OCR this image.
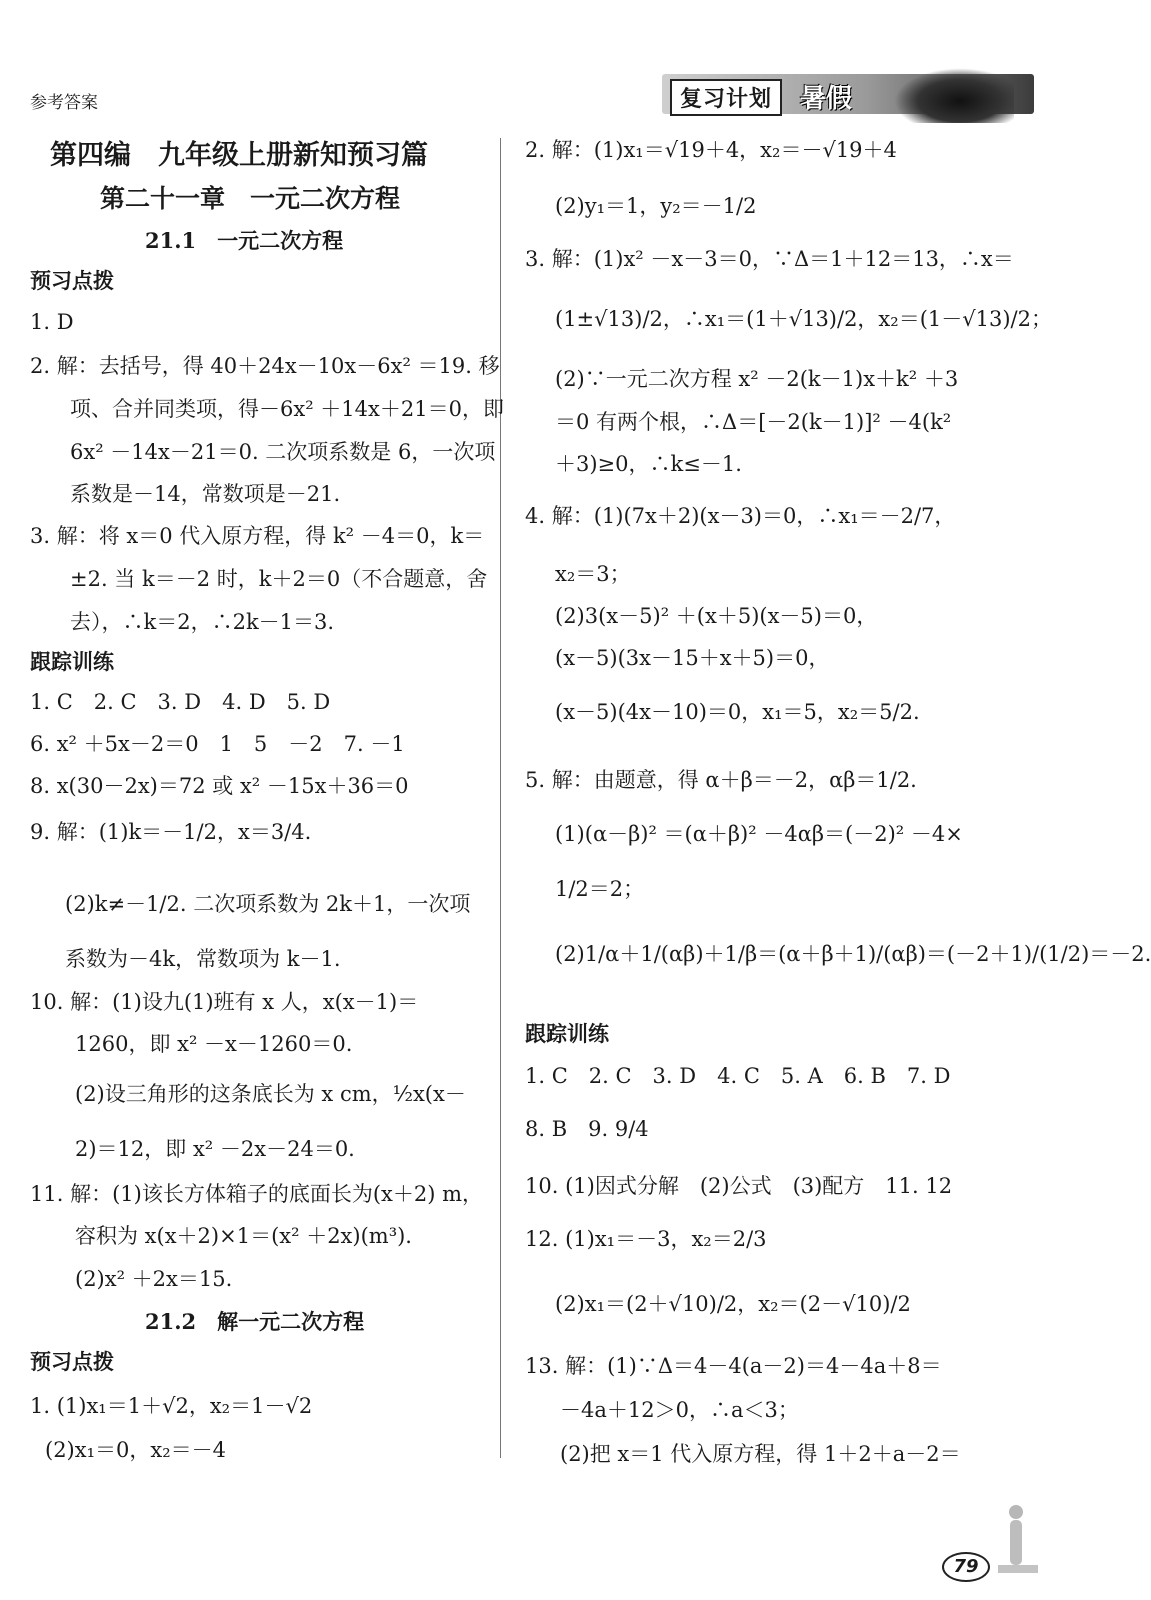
参考答案	复习计划	暑假
第四编　九年级上册新知预习篇
第二十一章　一元二次方程
21.1　一元二次方程
预习点拨
1. D
2. 解：去括号，得 40＋24x－10x－6x² ＝19. 移
项、合并同类项，得－6x² ＋14x＋21＝0，即
6x² －14x－21＝0. 二次项系数是 6，一次项
系数是－14，常数项是－21.
3. 解：将 x＝0 代入原方程，得 k² －4＝0，k＝
±2. 当 k＝－2 时，k＋2＝0（不合题意，舍
去），∴k＝2，∴2k－1＝3.
跟踪训练
1. C　2. C　3. D　4. D　5. D
6. x² ＋5x－2＝0　1　5　－2　7. －1
8. x(30－2x)＝72 或 x² －15x＋36＝0
9. 解：(1)k＝－1/2，x＝3/4.
(2)k≠－1/2. 二次项系数为 2k＋1，一次项
系数为－4k，常数项为 k－1.
10. 解：(1)设九(1)班有 x 人，x(x－1)＝
1260，即 x² －x－1260＝0.
(2)设三角形的这条底长为 x cm，½x(x－
2)＝12，即 x² －2x－24＝0.
11. 解：(1)该长方体箱子的底面长为(x＋2) m，
容积为 x(x＋2)×1＝(x² ＋2x)(m³).
(2)x² ＋2x＝15.
21.2　解一元二次方程
预习点拨
1. (1)x₁＝1＋√2，x₂＝1－√2
(2)x₁＝0，x₂＝－4
2. 解：(1)x₁＝√19＋4，x₂＝－√19＋4
(2)y₁＝1，y₂＝－1/2
3. 解：(1)x² －x－3＝0，∵Δ＝1＋12＝13，∴x＝
(1±√13)/2，∴x₁＝(1＋√13)/2，x₂＝(1－√13)/2；
(2)∵一元二次方程 x² －2(k－1)x＋k² ＋3
＝0 有两个根，∴Δ＝[－2(k－1)]² －4(k²
＋3)≥0，∴k≤－1.
4. 解：(1)(7x＋2)(x－3)＝0，∴x₁＝－2/7，
x₂＝3；
(2)3(x－5)² ＋(x＋5)(x－5)＝0，
(x－5)(3x－15＋x＋5)＝0，
(x－5)(4x－10)＝0，x₁＝5，x₂＝5/2.
5. 解：由题意，得 α＋β＝－2，αβ＝1/2.
(1)(α－β)² ＝(α＋β)² －4αβ＝(－2)² －4×
1/2＝2；
(2)1/α＋1/(αβ)＋1/β＝(α＋β＋1)/(αβ)＝(－2＋1)/(1/2)＝－2.
跟踪训练
1. C　2. C　3. D　4. C　5. A　6. B　7. D
8. B　9. 9/4
10. (1)因式分解　(2)公式　(3)配方　11. 12
12. (1)x₁＝－3，x₂＝2/3
(2)x₁＝(2＋√10)/2，x₂＝(2－√10)/2
13. 解：(1)∵Δ＝4－4(a－2)＝4－4a＋8＝
－4a＋12＞0，∴a＜3；
(2)把 x＝1 代入原方程，得 1＋2＋a－2＝
79
